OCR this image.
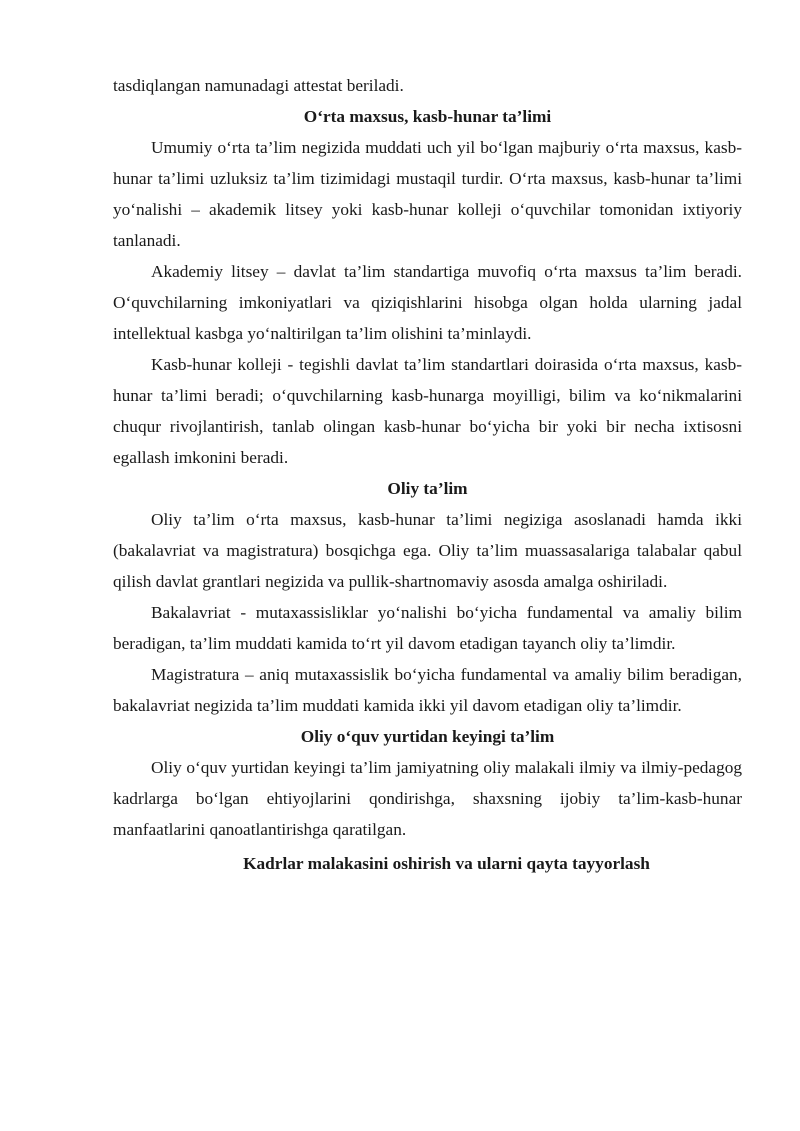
tasdiqlangan namunadagi attestat beriladi.

O‘rta maxsus, kasb-hunar ta’limi

Umumiy o‘rta ta’lim negizida muddati uch yil bo‘lgan majburiy o‘rta maxsus, kasb-hunar ta’limi uzluksiz ta’lim tizimidagi mustaqil turdir. O‘rta maxsus, kasb-hunar ta’limi yo‘nalishi – akademik litsey yoki kasb-hunar kolleji o‘quvchilar tomonidan ixtiyoriy tanlanadi.

Akademiy litsey – davlat ta’lim standartiga muvofiq o‘rta maxsus ta’lim beradi. O‘quvchilarning imkoniyatlari va qiziqishlarini hisobga olgan holda ularning jadal intellektual kasbga yo‘naltirilgan ta’lim olishini ta’minlaydi.

Kasb-hunar kolleji - tegishli davlat ta’lim standartlari doirasida o‘rta maxsus, kasb-hunar ta’limi beradi; o‘quvchilarning kasb-hunarga moyilligi, bilim va ko‘nikmalarini chuqur rivojlantirish, tanlab olingan kasb-hunar bo‘yicha bir yoki bir necha ixtisosni egallash imkonini beradi.

Oliy ta’lim

Oliy ta’lim o‘rta maxsus, kasb-hunar ta’limi negiziga asoslanadi hamda ikki (bakalavriat va magistratura) bosqichga ega. Oliy ta’lim muassasalariga talabalar qabul qilish davlat grantlari negizida va pullik-shartnomaviy asosda amalga oshiriladi.

Bakalavriat - mutaxassisliklar yo‘nalishi bo‘yicha fundamental va amaliy bilim beradigan, ta’lim muddati kamida to‘rt yil davom etadigan tayanch oliy ta’limdir.

Magistratura – aniq mutaxassislik bo‘yicha fundamental va amaliy bilim beradigan, bakalavriat negizida ta’lim muddati kamida ikki yil davom etadigan oliy ta’limdir.

Oliy o‘quv yurtidan keyingi ta’lim

Oliy o‘quv yurtidan keyingi ta’lim jamiyatning oliy malakali ilmiy va ilmiy-pedagog kadrlarga bo‘lgan ehtiyojlarini qondirishga, shaxsning ijobiy ta’lim-kasb-hunar manfaatlarini qanoatlantirishga qaratilgan.

Kadrlar malakasini oshirish va ularni qayta tayyorlash
